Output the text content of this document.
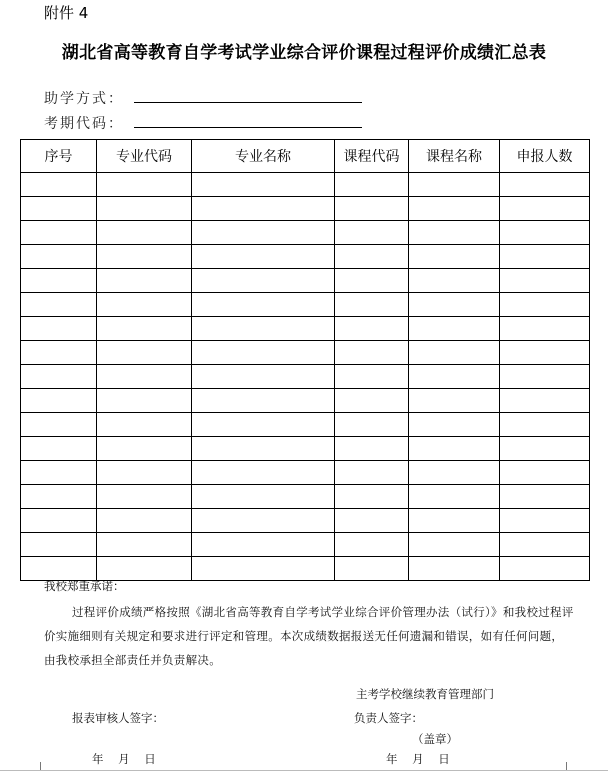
附件 4
湖北省高等教育自学考试学业综合评价课程过程评价成绩汇总表
助学方式：
考期代码：
序号	专业代码	专业名称	课程代码	课程名称	申报人数

我校郑重承诺：
过程评价成绩严格按照《湖北省高等教育自学考试学业综合评价管理办法（试行）》和我校过程评价实施细则有关规定和要求进行评定和管理。本次成绩数据报送无任何遗漏和错误，如有任何问题，由我校承担全部责任并负责解决。
主考学校继续教育管理部门
报表审核人签字：	负责人签字：
（盖章）
年    月    日	年    月    日
